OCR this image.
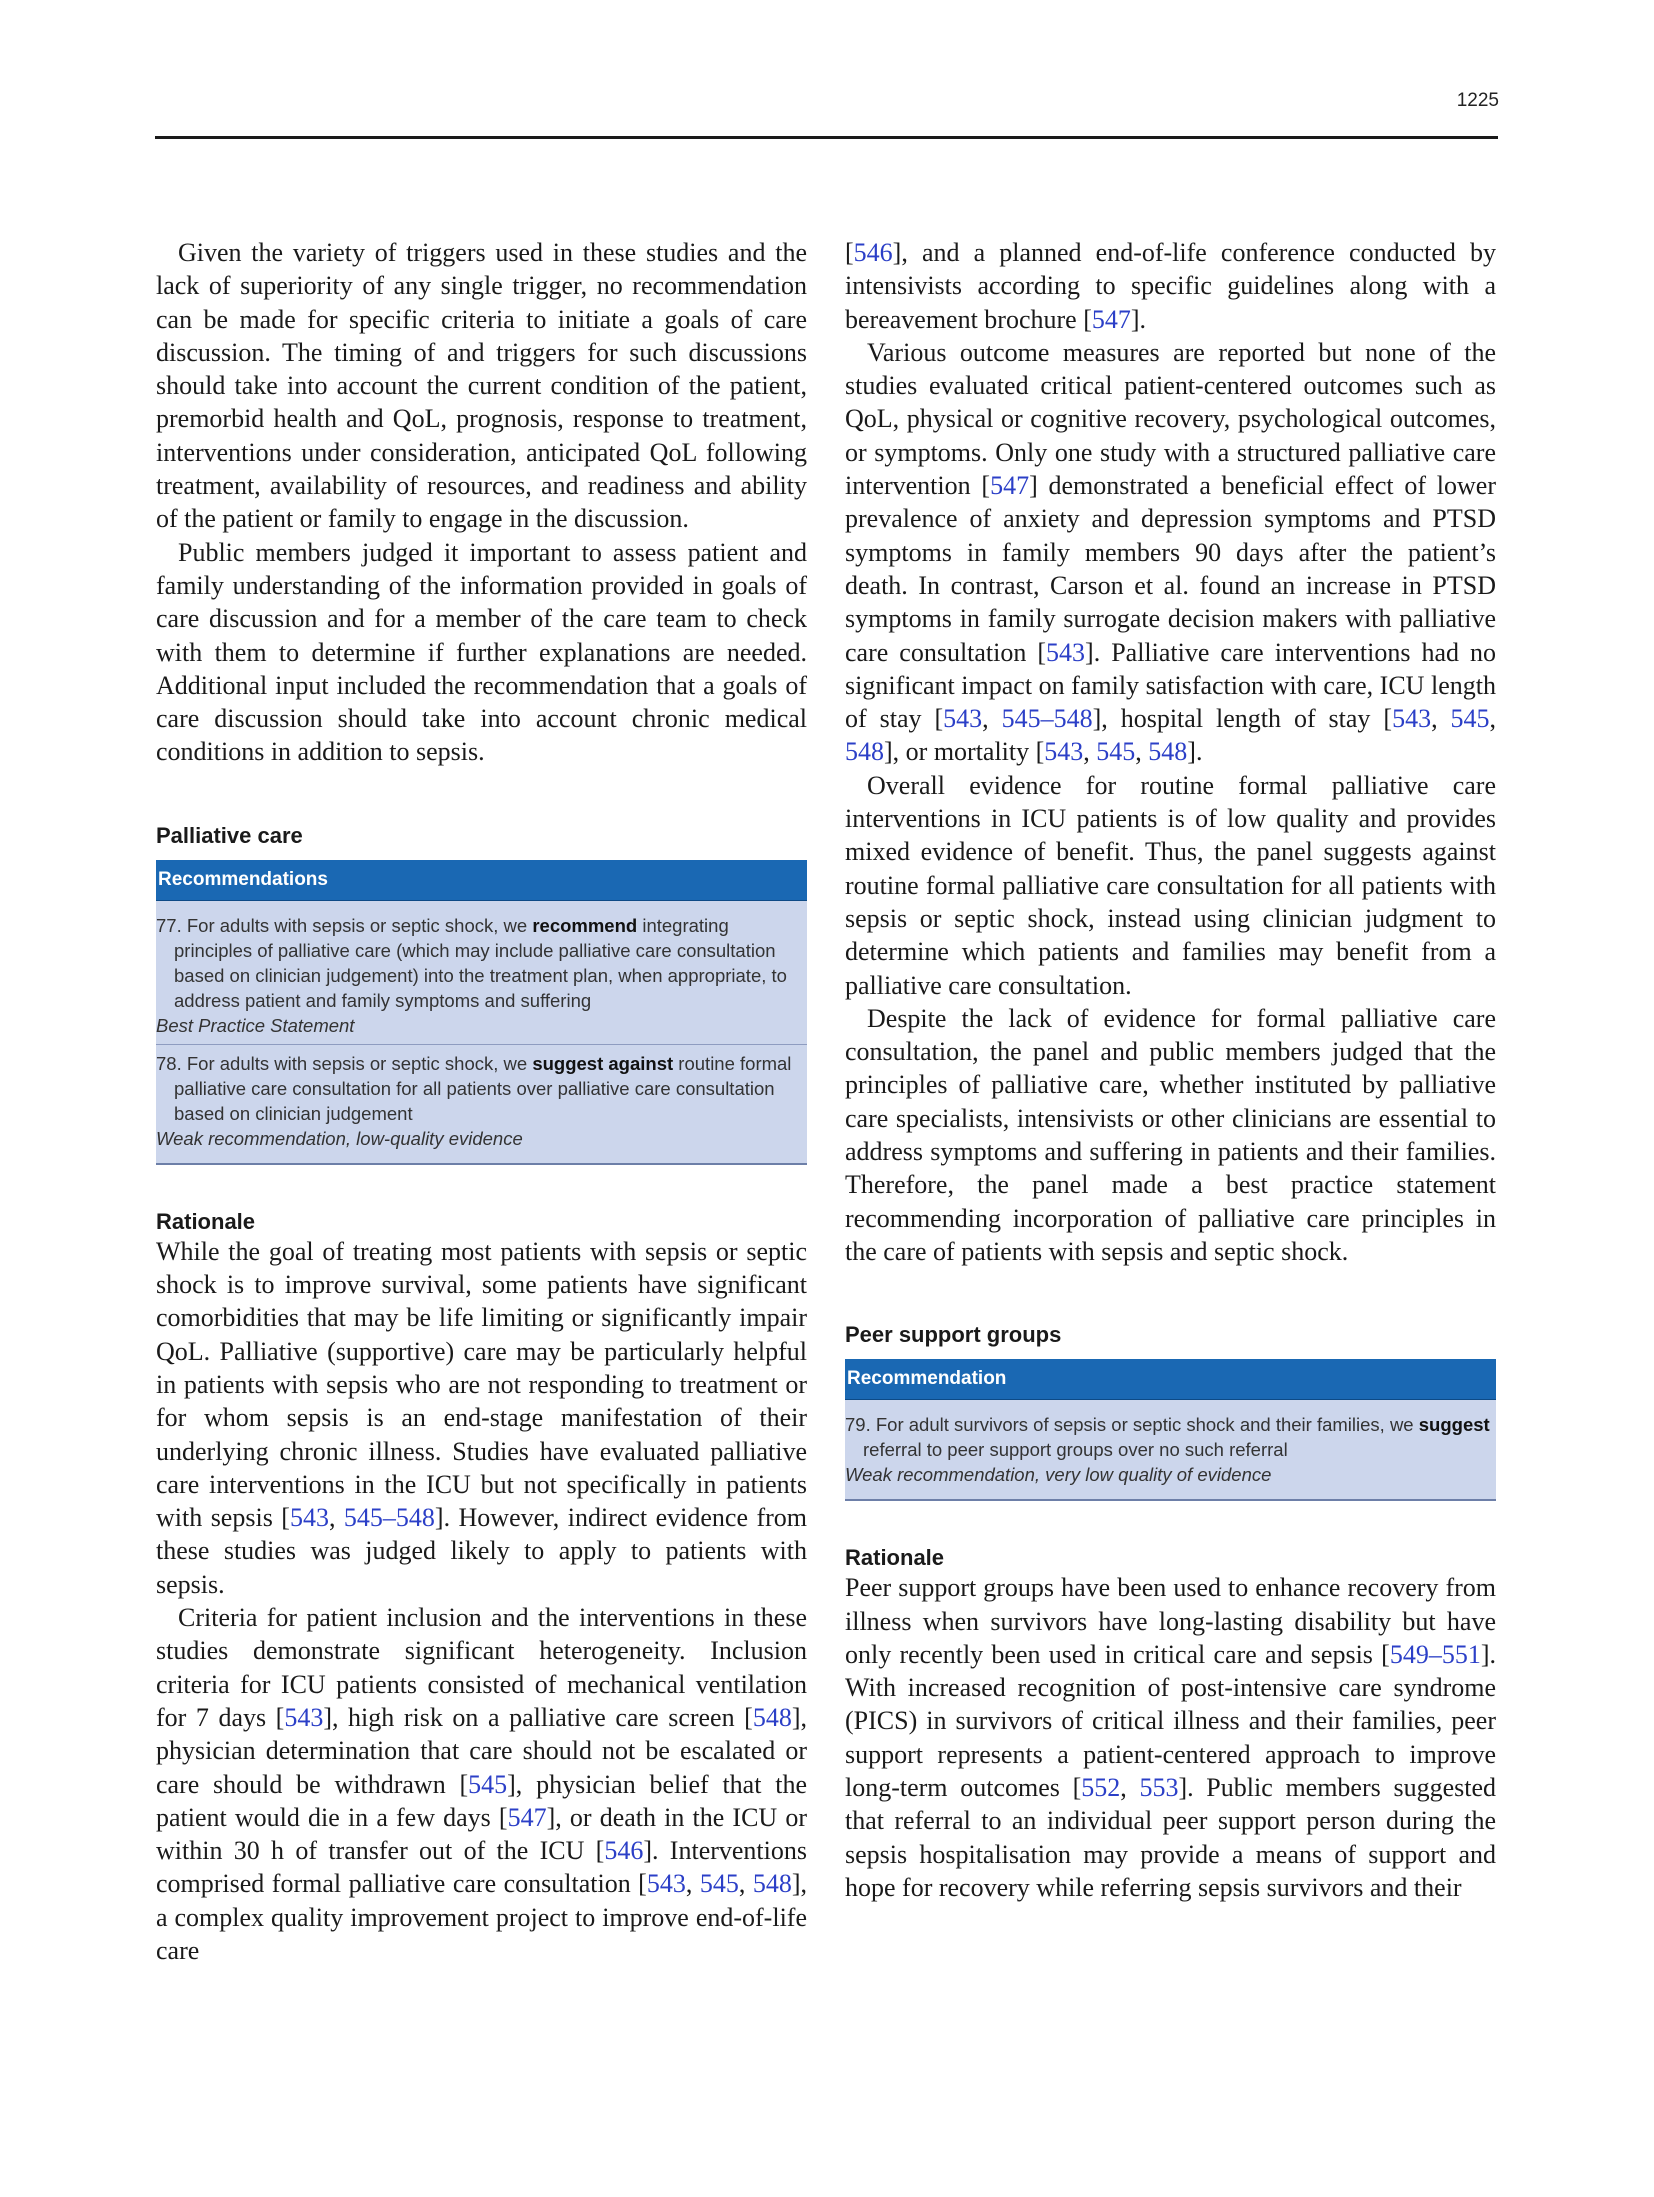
1225

Given the variety of triggers used in these studies and the lack of superiority of any single trigger, no recommendation can be made for specific criteria to initiate a goals of care discussion. The timing of and triggers for such discussions should take into account the current condition of the patient, premorbid health and QoL, prognosis, response to treatment, interventions under consideration, anticipated QoL following treatment, availability of resources, and readiness and ability of the patient or family to engage in the discussion.

Public members judged it important to assess patient and family understanding of the information provided in goals of care discussion and for a member of the care team to check with them to determine if further explanations are needed. Additional input included the recommendation that a goals of care discussion should take into account chronic medical conditions in addition to sepsis.

Palliative care
Recommendations
77. For adults with sepsis or septic shock, we recommend integrating principles of palliative care (which may include palliative care consultation based on clinician judgement) into the treatment plan, when appropriate, to address patient and family symptoms and suffering
Best Practice Statement
78. For adults with sepsis or septic shock, we suggest against routine formal palliative care consultation for all patients over palliative care consultation based on clinician judgement
Weak recommendation, low-quality evidence
Rationale

While the goal of treating most patients with sepsis or septic shock is to improve survival, some patients have significant comorbidities that may be life limiting or significantly impair QoL. Palliative (supportive) care may be particularly helpful in patients with sepsis who are not responding to treatment or for whom sepsis is an end-stage manifestation of their underlying chronic illness. Studies have evaluated palliative care interventions in the ICU but not specifically in patients with sepsis [543, 545–548]. However, indirect evidence from these studies was judged likely to apply to patients with sepsis.

Criteria for patient inclusion and the interventions in these studies demonstrate significant heterogeneity. Inclusion criteria for ICU patients consisted of mechanical ventilation for 7 days [543], high risk on a palliative care screen [548], physician determination that care should not be escalated or care should be withdrawn [545], physician belief that the patient would die in a few days [547], or death in the ICU or within 30 h of transfer out of the ICU [546]. Interventions comprised formal palliative care consultation [543, 545, 548], a complex quality improvement project to improve end-of-life care

[546], and a planned end-of-life conference conducted by intensivists according to specific guidelines along with a bereavement brochure [547].

Various outcome measures are reported but none of the studies evaluated critical patient-centered outcomes such as QoL, physical or cognitive recovery, psychological outcomes, or symptoms. Only one study with a structured palliative care intervention [547] demonstrated a beneficial effect of lower prevalence of anxiety and depression symptoms and PTSD symptoms in family members 90 days after the patient’s death. In contrast, Carson et al. found an increase in PTSD symptoms in family surrogate decision makers with palliative care consultation [543]. Palliative care interventions had no significant impact on family satisfaction with care, ICU length of stay [543, 545–548], hospital length of stay [543, 545, 548], or mortality [543, 545, 548].

Overall evidence for routine formal palliative care interventions in ICU patients is of low quality and provides mixed evidence of benefit. Thus, the panel suggests against routine formal palliative care consultation for all patients with sepsis or septic shock, instead using clinician judgment to determine which patients and families may benefit from a palliative care consultation.

Despite the lack of evidence for formal palliative care consultation, the panel and public members judged that the principles of palliative care, whether instituted by palliative care specialists, intensivists or other clinicians are essential to address symptoms and suffering in patients and their families. Therefore, the panel made a best practice statement recommending incorporation of palliative care principles in the care of patients with sepsis and septic shock.

Peer support groups
Recommendation
79. For adult survivors of sepsis or septic shock and their families, we suggest referral to peer support groups over no such referral
Weak recommendation, very low quality of evidence
Rationale

Peer support groups have been used to enhance recovery from illness when survivors have long-lasting disability but have only recently been used in critical care and sepsis [549–551]. With increased recognition of post-intensive care syndrome (PICS) in survivors of critical illness and their families, peer support represents a patient-centered approach to improve long-term outcomes [552, 553]. Public members suggested that referral to an individual peer support person during the sepsis hospitalisation may provide a means of support and hope for recovery while referring sepsis survivors and their
